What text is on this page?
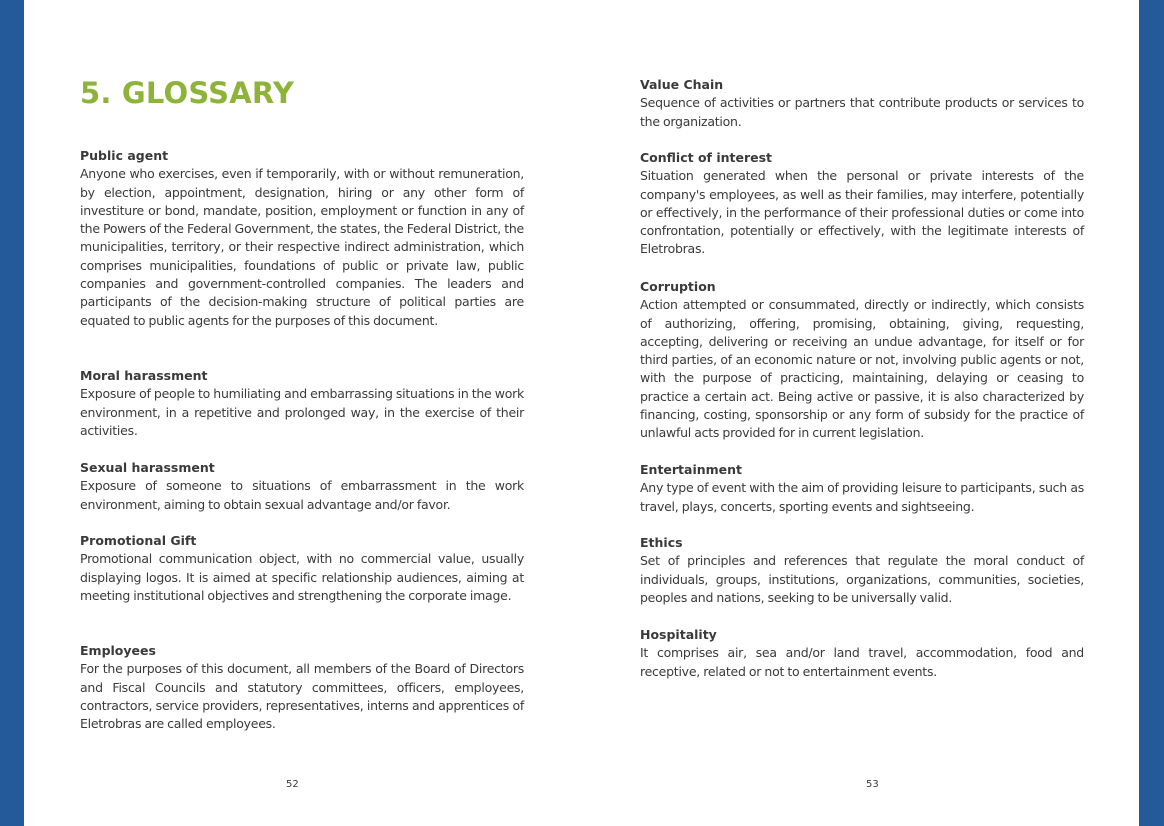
5. GLOSSARY
Public agent
Anyone who exercises, even if temporarily, with or without remuneration, by election, appointment, designation, hiring or any other form of investiture or bond, mandate, position, employment or function in any of the Powers of the Federal Government, the states, the Federal District, the municipalities, territory, or their respective indirect administration, which comprises municipalities, foundations of public or private law, public companies and government-controlled companies. The leaders and participants of the decision-making structure of political parties are equated to public agents for the purposes of this document.
Moral harassment
Exposure of people to humiliating and embarrassing situations in the work environment, in a repetitive and prolonged way, in the exercise of their activities.
Sexual harassment
Exposure of someone to situations of embarrassment in the work environment, aiming to obtain sexual advantage and/or favor.
Promotional Gift
Promotional communication object, with no commercial value, usually displaying logos. It is aimed at specific relationship audiences, aiming at meeting institutional objectives and strengthening the corporate image.
Employees
For the purposes of this document, all members of the Board of Directors and Fiscal Councils and statutory committees, officers, employees, contractors, service providers, representatives, interns and apprentices of Eletrobras are called employees.
Value Chain
Sequence of activities or partners that contribute products or services to the organization.
Conflict of interest
Situation generated when the personal or private interests of the company's employees, as well as their families, may interfere, potentially or effectively, in the performance of their professional duties or come into confrontation, potentially or effectively, with the legitimate interests of Eletrobras.
Corruption
Action attempted or consummated, directly or indirectly, which consists of authorizing, offering, promising, obtaining, giving, requesting, accepting, delivering or receiving an undue advantage, for itself or for third parties, of an economic nature or not, involving public agents or not, with the purpose of practicing, maintaining, delaying or ceasing to practice a certain act. Being active or passive, it is also characterized by financing, costing, sponsorship or any form of subsidy for the practice of unlawful acts provided for in current legislation.
Entertainment
Any type of event with the aim of providing leisure to participants, such as travel, plays, concerts, sporting events and sightseeing.
Ethics
Set of principles and references that regulate the moral conduct of individuals, groups, institutions, organizations, communities, societies, peoples and nations, seeking to be universally valid.
Hospitality
It comprises air, sea and/or land travel, accommodation, food and receptive, related or not to entertainment events.
52	53
